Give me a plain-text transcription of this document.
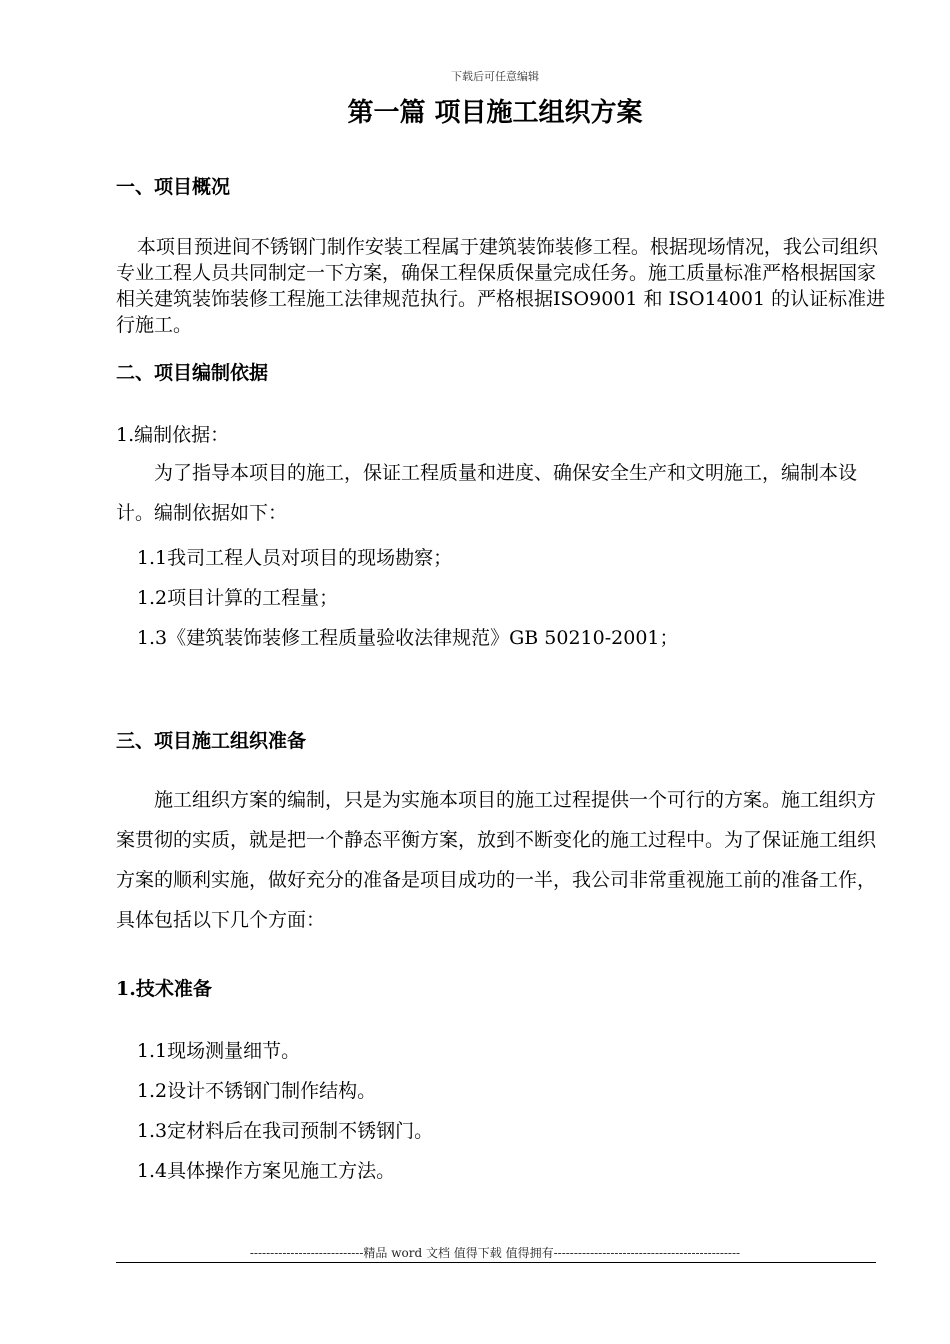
下载后可任意编辑
第一篇 项目施工组织方案
一、项目概况
本项目预进间不锈钢门制作安装工程属于建筑装饰装修工程。根据现场情况，我公司组织专业工程人员共同制定一下方案，确保工程保质保量完成任务。施工质量标准严格根据国家相关建筑装饰装修工程施工法律规范执行。严格根据ISO9001 和 ISO14001 的认证标准进行施工。
二、项目编制依据
1.编制依据：
为了指导本项目的施工，保证工程质量和进度、确保安全生产和文明施工，编制本设计。编制依据如下：
1.1我司工程人员对项目的现场勘察；
1.2项目计算的工程量；
1.3《建筑装饰装修工程质量验收法律规范》GB 50210-2001；
三、项目施工组织准备
施工组织方案的编制，只是为实施本项目的施工过程提供一个可行的方案。施工组织方案贯彻的实质，就是把一个静态平衡方案，放到不断变化的施工过程中。为了保证施工组织方案的顺利实施，做好充分的准备是项目成功的一半，我公司非常重视施工前的准备工作，具体包括以下几个方面：
1.技术准备
1.1现场测量细节。
1.2设计不锈钢门制作结构。
1.3定材料后在我司预制不锈钢门。
1.4具体操作方案见施工方法。
----------------------------精品 word 文档 值得下载 值得拥有----------------------------------------------
